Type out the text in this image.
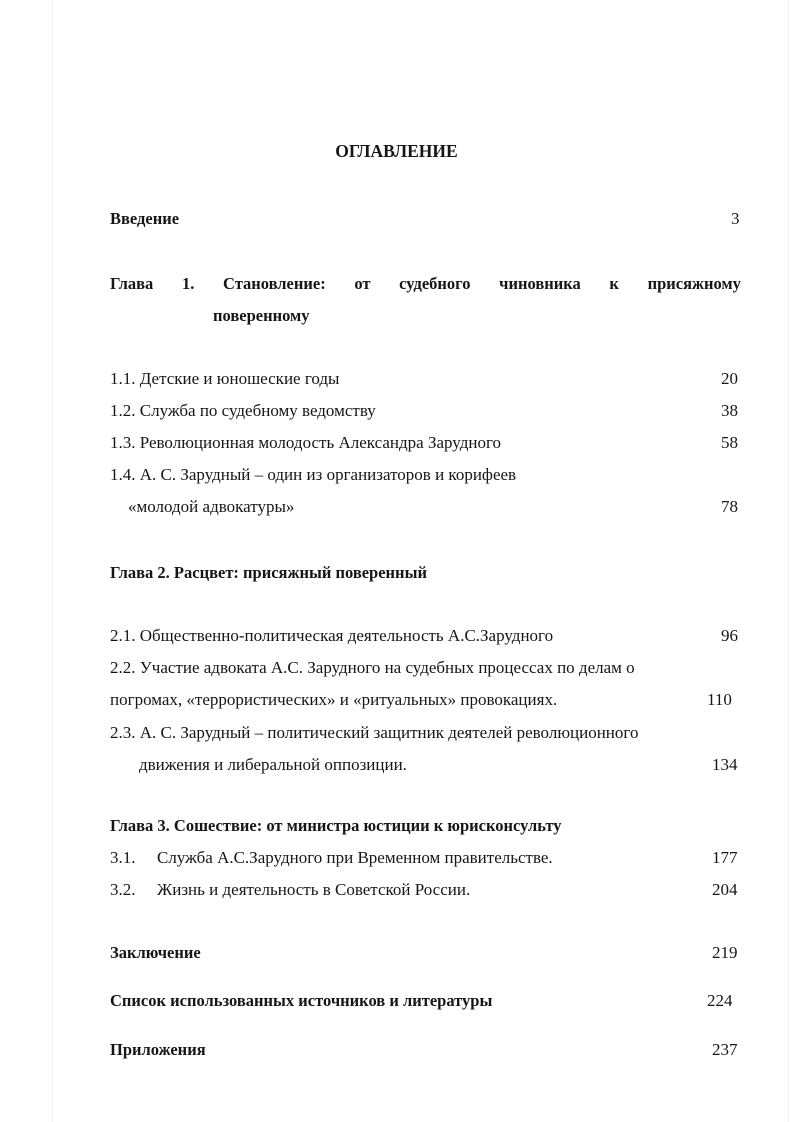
ОГЛАВЛЕНИЕ
Введение	3
Глава 1. Становление: от судебного чиновника к присяжному
поверенному
1.1. Детские и юношеские годы	20
1.2. Служба по судебному ведомству	38
1.3. Революционная молодость Александра Зарудного	58
1.4. А. С. Зарудный – один из организаторов и корифеев
«молодой адвокатуры»	78
Глава 2. Расцвет: присяжный поверенный
2.1. Общественно-политическая деятельность А.С.Зарудного	96
2.2. Участие адвоката А.С. Зарудного на судебных процессах по делам о
погромах, «террористических» и «ритуальных» провокациях.	110
2.3. А. С. Зарудный – политический защитник деятелей революционного
движения и либеральной оппозиции.	134
Глава 3. Сошествие: от министра юстиции к юрисконсульту
3.1. Служба А.С.Зарудного при Временном правительстве.	177
3.2. Жизнь и деятельность в Советской России.	204
Заключение	219
Список использованных источников и литературы	224
Приложения	237
